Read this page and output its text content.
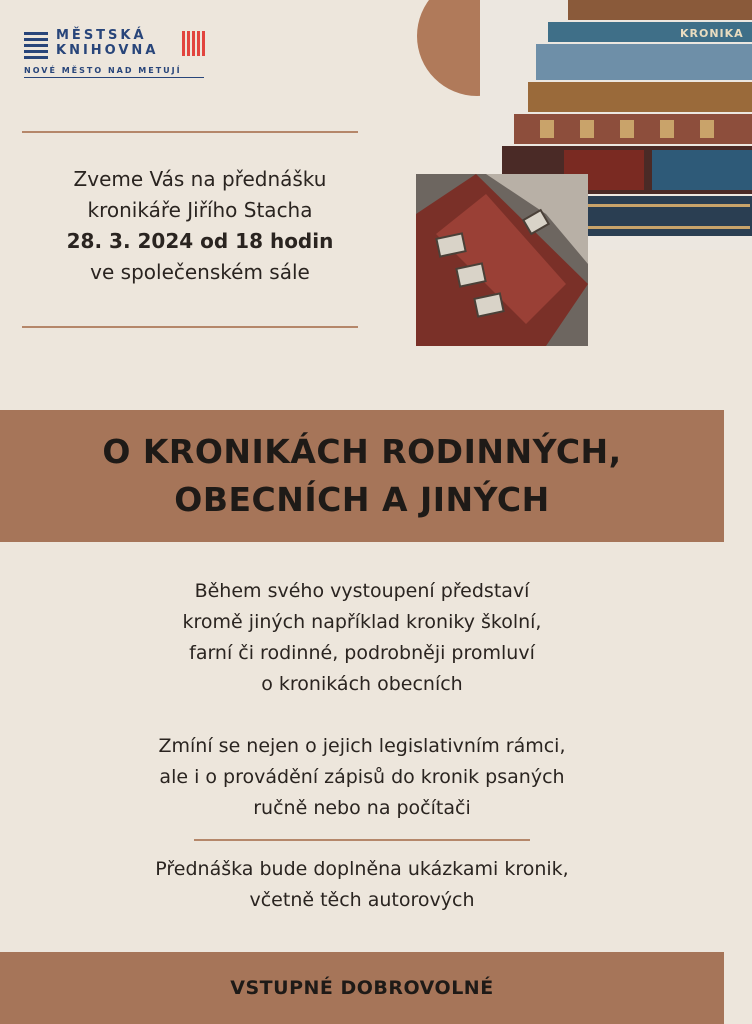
MĚSTSKÁ
KNIHOVNA
NOVÉ MĚSTO NAD METUJÍ
KRONIKA
Zveme Vás na přednášku
kronikáře Jiřího Stacha
28. 3. 2024 od 18 hodin
ve společenském sále
O KRONIKÁCH RODINNÝCH,
OBECNÍCH A JINÝCH
Během svého vystoupení představí
kromě jiných například kroniky školní,
farní či rodinné, podrobněji promluví
o kronikách obecních
Zmíní se nejen o jejich legislativním rámci,
ale i o provádění zápisů do kronik psaných
ručně nebo na počítači
Přednáška bude doplněna ukázkami kronik,
včetně těch autorových
VSTUPNÉ DOBROVOLNÉ
